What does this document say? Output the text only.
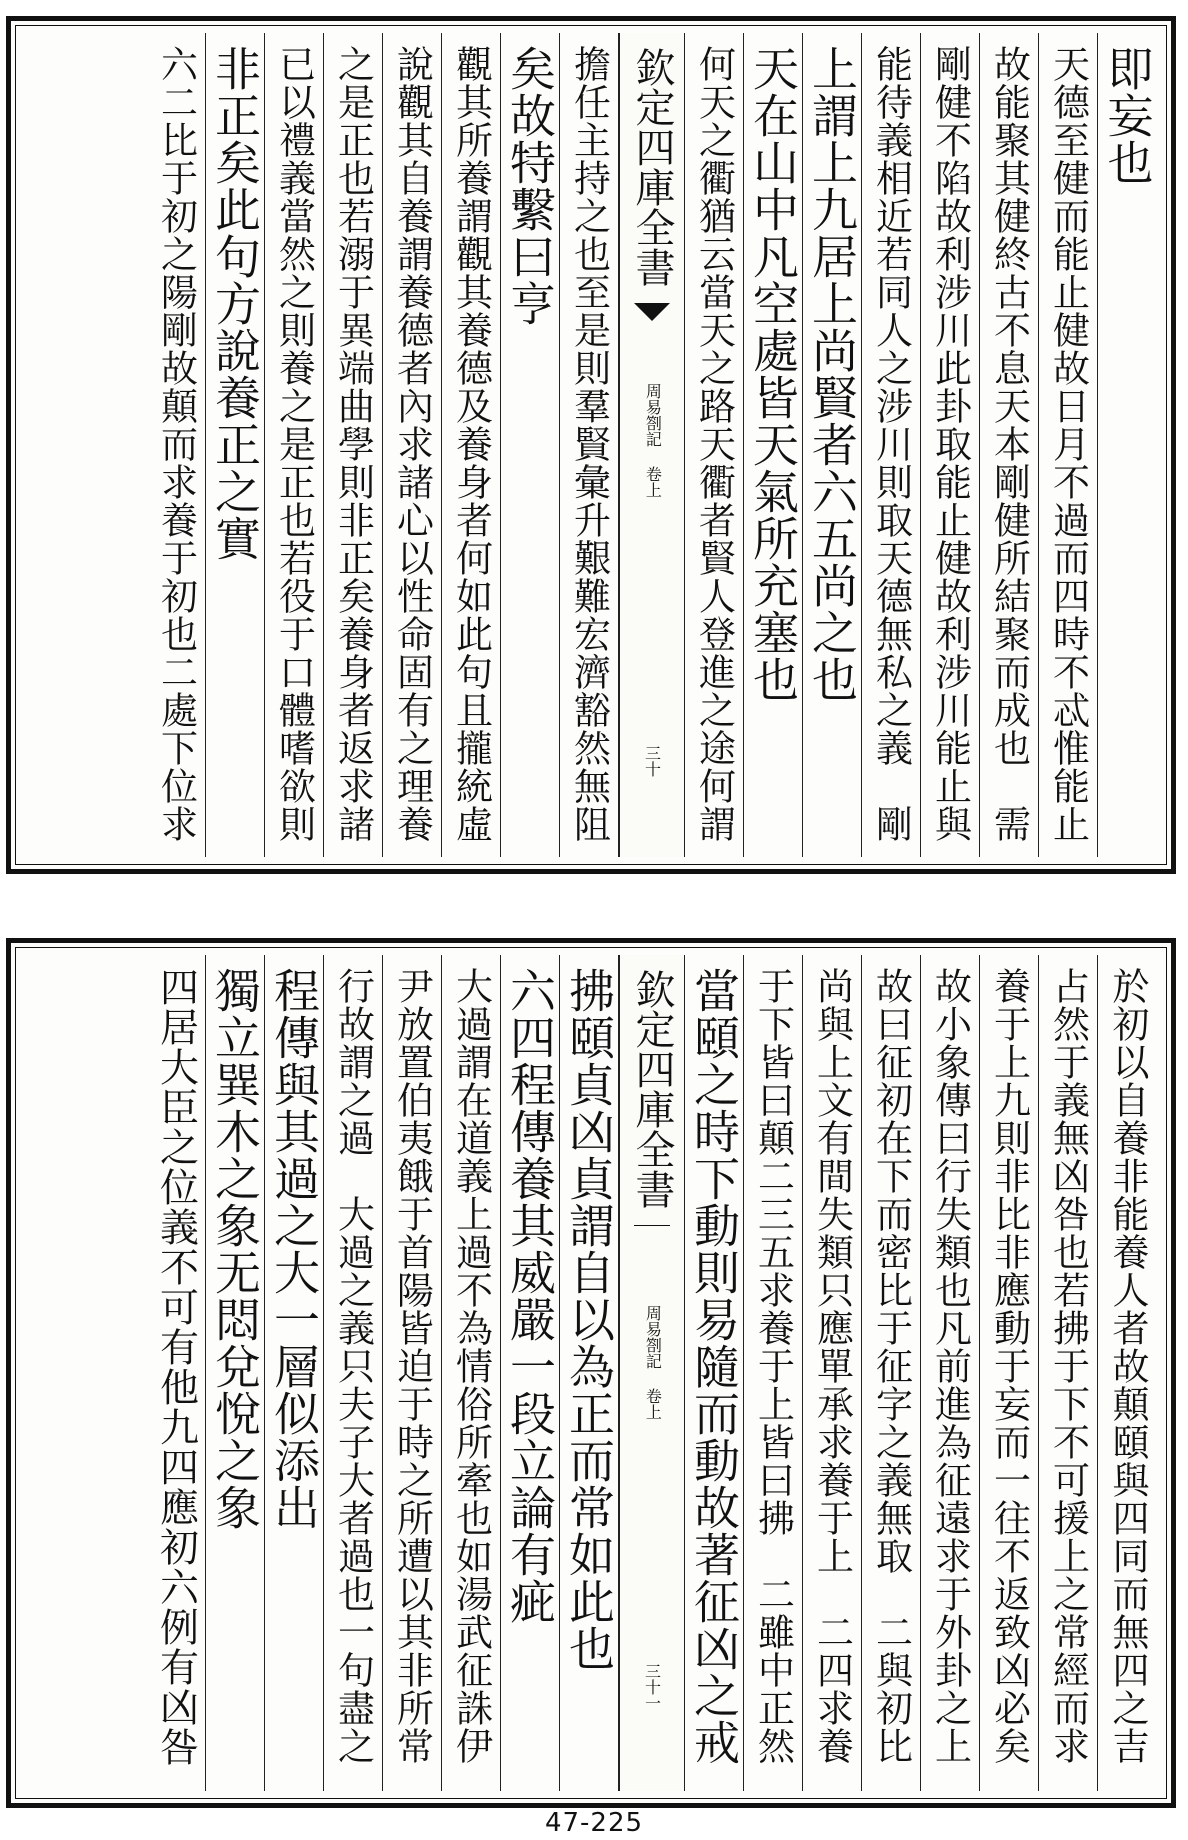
即妄也
天德至健而能止健故日月不過而四時不忒惟能止
故能聚其健終古不息天本剛健所結聚而成也　需
剛健不陷故利涉川此卦取能止健故利涉川能止與
能待義相近若同人之涉川則取天德無私之義　剛
上謂上九居上尚賢者六五尚之也
天在山中凡空處皆天氣所充塞也
何天之衢猶云當天之路天衢者賢人登進之途何謂
欽定四庫全書
周易劄記 卷上
三十
擔任主持之也至是則羣賢彙升艱難宏濟豁然無阻
矣故特繫曰亨
觀其所養謂觀其養德及養身者何如此句且攏統虛
說觀其自養謂養德者內求諸心以性命固有之理養
之是正也若溺于異端曲學則非正矣養身者返求諸
已以禮義當然之則養之是正也若役于口體嗜欲則
非正矣此句方說養正之實
六二比于初之陽剛故顛而求養于初也二處下位求
於初以自養非能養人者故顛頤與四同而無四之吉
占然于義無凶咎也若拂于下不可援上之常經而求
養于上九則非比非應動于妄而一往不返致凶必矣
故小象傳曰行失類也凡前進為征遠求于外卦之上
故曰征初在下而密比于征字之義無取　二與初比
尚與上文有間失類只應單承求養于上　二四求養
于下皆曰顛二三五求養于上皆曰拂　二雖中正然
當頤之時下動則易隨而動故著征凶之戒
欽定四庫全書
周易劄記 卷上
三十一
拂頤貞凶貞謂自以為正而常如此也
六四程傳養其威嚴一段立論有疵
大過謂在道義上過不為情俗所牽也如湯武征誅伊
尹放置伯夷餓于首陽皆迫于時之所遭以其非所常
行故謂之過　大過之義只夫子大者過也一句盡之
程傳與其過之大一層似添出
獨立巽木之象无悶兌悅之象
四居大臣之位義不可有他九四應初六例有凶咎
47-225
